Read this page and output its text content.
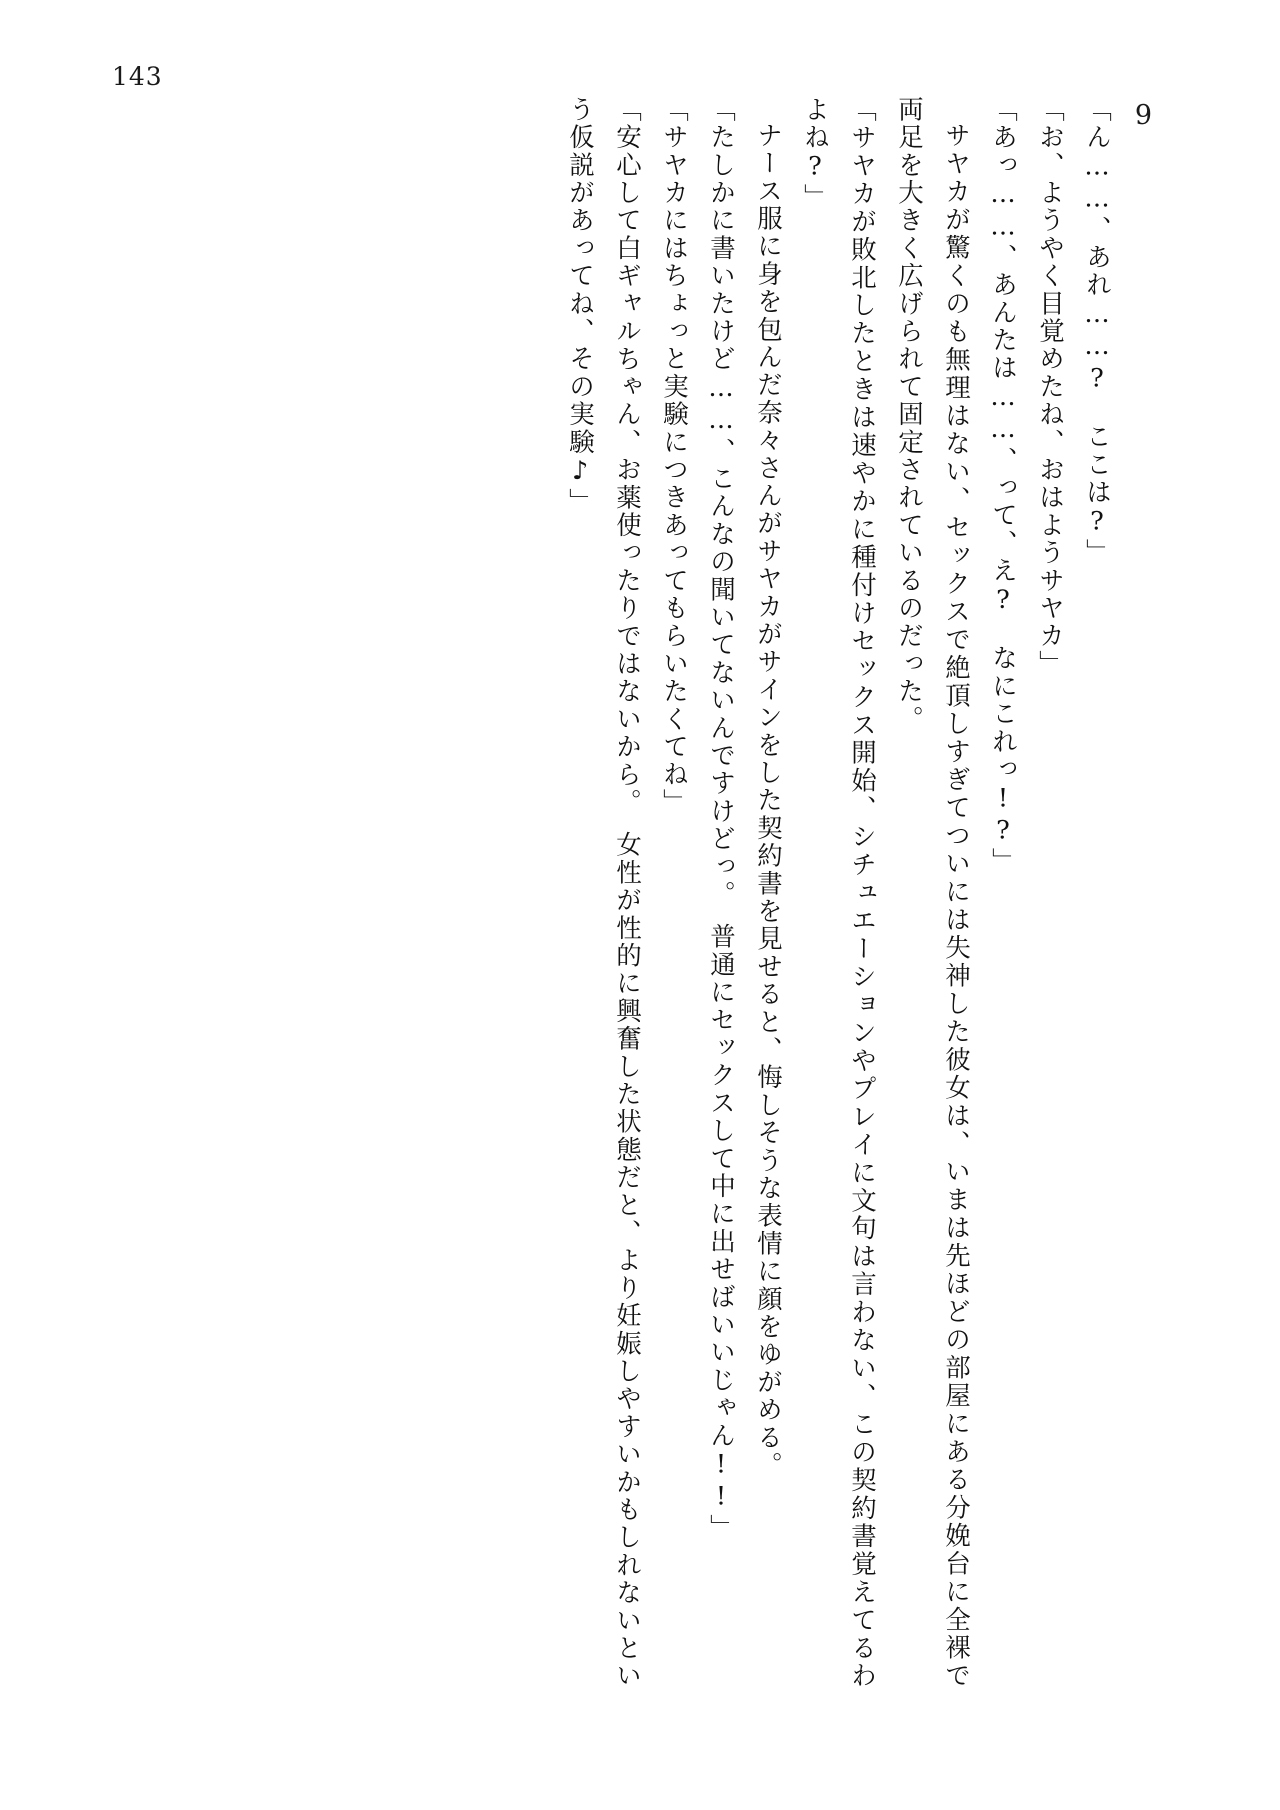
143
9

「ん……、あれ……?　ここは?」

「お、ようやく目覚めたね、おはようサヤカ」

「あっ……、あんたは……、って、え?　なにこれっ!?」

サヤカが驚くのも無理はない、セックスで絶頂しすぎてついには失神した彼女は、いまは先ほどの部屋にある分娩台に全裸で両足を大きく広げられて固定されているのだった。

「サヤカが敗北したときは速やかに種付けセックス開始、シチュエーションやプレイに文句は言わない、この契約書覚えてるわよね?」

ナース服に身を包んだ奈々さんがサヤカがサインをした契約書を見せると、悔しそうな表情に顔をゆがめる。

「たしかに書いたけど……、こんなの聞いてないんですけどっ。　普通にセックスして中に出せばいいじゃん!!」

「サヤカにはちょっと実験につきあってもらいたくてね」

「安心して白ギャルちゃん、お薬使ったりではないから。　女性が性的に興奮した状態だと、より妊娠しやすいかもしれないという仮説があってね、その実験♪」
